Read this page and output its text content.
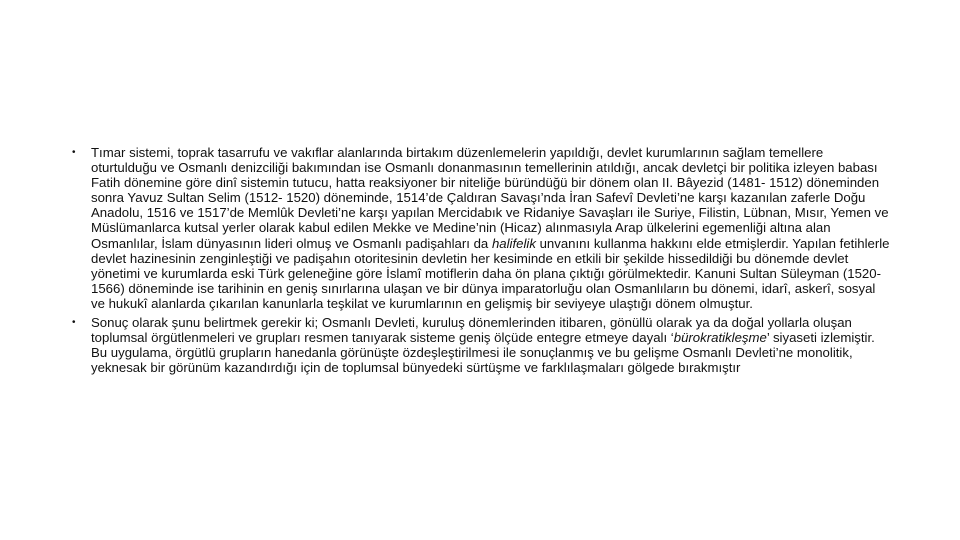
• Tımar sistemi, toprak tasarrufu ve vakıflar alanlarında birtakım düzenlemelerin yapıldığı, devlet kurumlarının sağlam temellere oturtulduğu ve Osmanlı denizciliği bakımından ise Osmanlı donanmasının temellerinin atıldığı, ancak devletçi bir politika izleyen babası Fatih dönemine göre dinî sistemin tutucu, hatta reaksiyoner bir niteliğe büründüğü bir dönem olan II. Bâyezid (1481- 1512) döneminden sonra Yavuz Sultan Selim (1512- 1520) döneminde, 1514’de Çaldıran Savaşı’nda İran Safevî Devleti’ne karşı kazanılan zaferle Doğu Anadolu, 1516 ve 1517’de Memlûk Devleti’ne karşı yapılan Mercidabık ve Ridaniye Savaşları ile Suriye, Filistin, Lübnan, Mısır, Yemen ve Müslümanlarca kutsal yerler olarak kabul edilen Mekke ve Medine’nin (Hicaz) alınmasıyla Arap ülkelerini egemenliği altına alan Osmanlılar, İslam dünyasının lideri olmuş ve Osmanlı padişahları da halifelik unvanını kullanma hakkını elde etmişlerdir. Yapılan fetihlerle devlet hazinesinin zenginleştiği ve padişahın otoritesinin devletin her kesiminde en etkili bir şekilde hissedildiği bu dönemde devlet yönetimi ve kurumlarda eski Türk geleneğine göre İslamî motiflerin daha ön plana çıktığı görülmektedir. Kanuni Sultan Süleyman (1520- 1566) döneminde ise tarihinin en geniş sınırlarına ulaşan ve bir dünya imparatorluğu olan Osmanlıların bu dönemi, idarî, askerî, sosyal ve hukukî alanlarda çıkarılan kanunlarla teşkilat ve kurumlarının en gelişmiş bir seviyeye ulaştığı dönem olmuştur.
• Sonuç olarak şunu belirtmek gerekir ki; Osmanlı Devleti, kuruluş dönemlerinden itibaren, gönüllü olarak ya da doğal yollarla oluşan toplumsal örgütlenmeleri ve grupları resmen tanıyarak sisteme geniş ölçüde entegre etmeye dayalı ‘bürokratikleşme’ siyaseti izlemiştir. Bu uygulama, örgütlü grupların hanedanla görünüşte özdeşleştirilmesi ile sonuçlanmış ve bu gelişme Osmanlı Devleti’ne monolitik, yeknesak bir görünüm kazandırdığı için de toplumsal bünyedeki sürtüşme ve farklılaşmaları gölgede bırakmıştır
